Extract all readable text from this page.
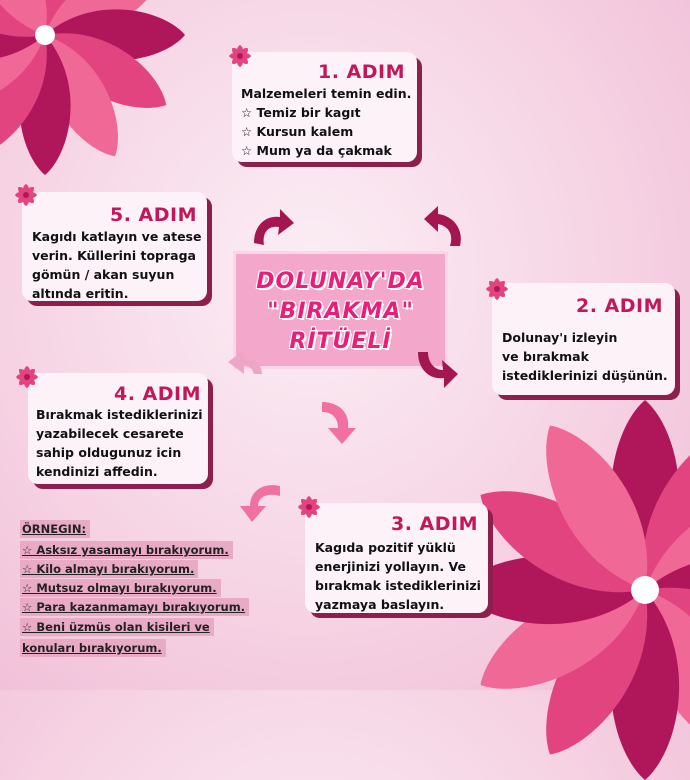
DOLUNAY'DA
"BIRAKMA"
RİTÜELİ
1. ADIM
Malzemeleri temin edin.
☆ Temiz bir kagıt
☆ Kursun kalem
☆ Mum ya da çakmak
5. ADIM
Kagıdı katlayın ve atese
verin. Küllerini topraga
gömün / akan suyun
altında eritin.
2. ADIM
Dolunay'ı izleyin
ve bırakmak
istediklerinizi düşünün.
4. ADIM
Bırakmak istediklerinizi
yazabilecek cesarete
sahip oldugunuz icin
kendinizi affedin.
3. ADIM
Kagıda pozitif yüklü
enerjinizi yollayın. Ve
bırakmak istediklerinizi
yazmaya baslayın.
ÖRNEGIN:
☆ Asksız yasamayı bırakıyorum.
☆ Kilo almayı bırakıyorum.
☆ Mutsuz olmayı bırakıyorum.
☆ Para kazanmamayı bırakıyorum.
☆ Beni üzmüs olan kisileri ve
konuları bırakıyorum.
